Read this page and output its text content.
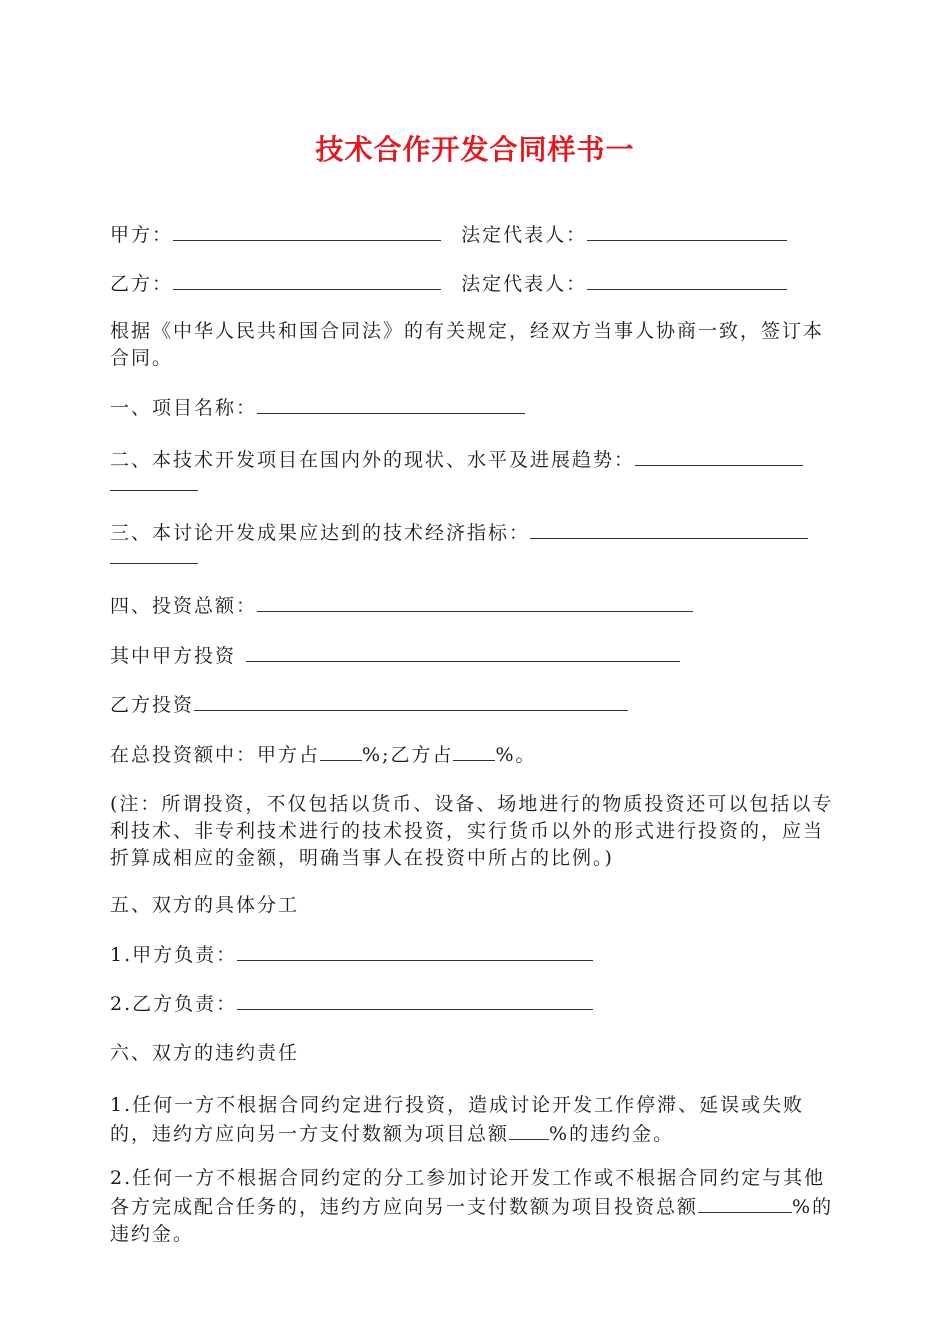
技术合作开发合同样书一
甲方：	法定代表人：
乙方：	法定代表人：
根据《中华人民共和国合同法》的有关规定，经双方当事人协商一致，签订本合同。
一、项目名称：
二、本技术开发项目在国内外的现状、水平及进展趋势：
三、本讨论开发成果应达到的技术经济指标：
四、投资总额：
其中甲方投资
乙方投资
在总投资额中：甲方占 %;乙方占 %。
(注：所谓投资，不仅包括以货币、设备、场地进行的物质投资还可以包括以专利技术、非专利技术进行的技术投资，实行货币以外的形式进行投资的，应当折算成相应的金额，明确当事人在投资中所占的比例。)
五、双方的具体分工
1.甲方负责：
2.乙方负责：
六、双方的违约责任
1.任何一方不根据合同约定进行投资，造成讨论开发工作停滞、延误或失败的，违约方应向另一方支付数额为项目总额 %的违约金。
2.任何一方不根据合同约定的分工参加讨论开发工作或不根据合同约定与其他各方完成配合任务的，违约方应向另一支付数额为项目投资总额	%的违约金。
